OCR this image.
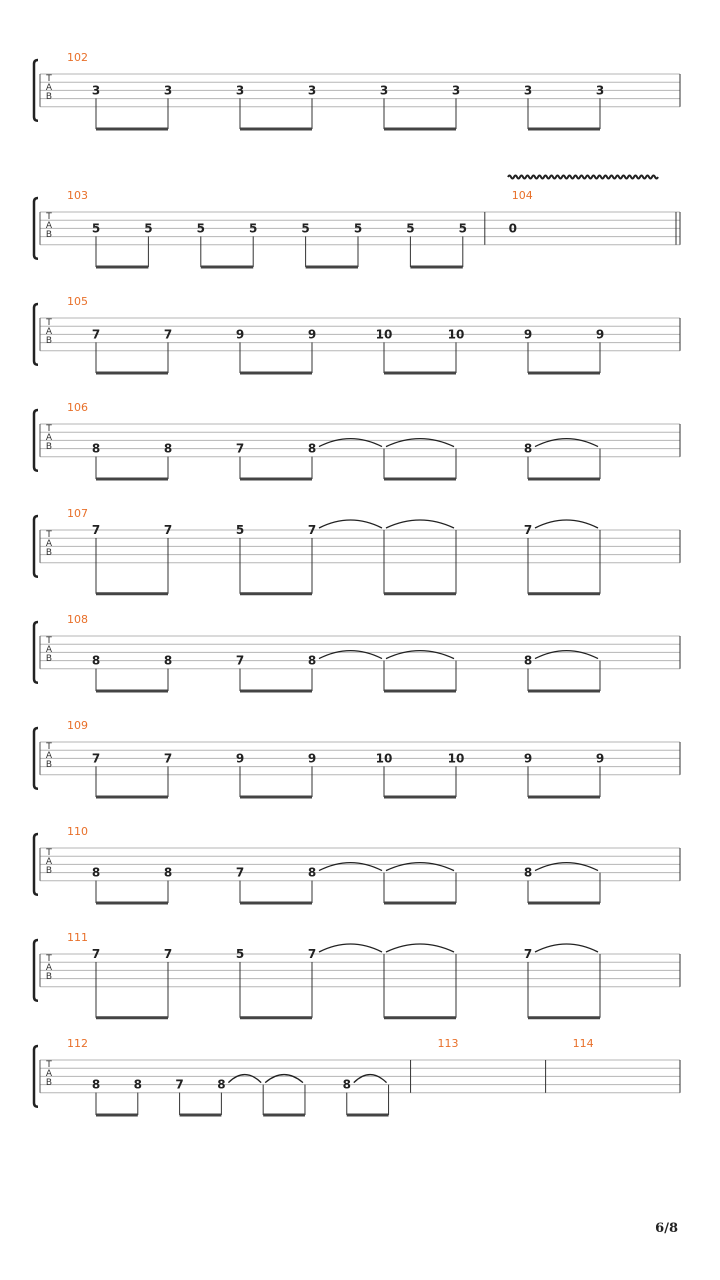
T
A
B
102
3	3	3	3	3	3	3	3
T
A
B
103
5	5	5	5	5	5	5	5
104
0
T
A
B
105
7	7	9	9	10	10	9	9
T
A
B
106
8	8	7	8	8
T
A
B
107
7	7	5	7	7
T
A
B
108
8	8	7	8	8
T
A
B
109
7	7	9	9	10	10	9	9
T
A
B
110
8	8	7	8	8
T
A
B
111
7	7	5	7	7
T
A
B
112
8	8	7	8	8
113	114
6/8
